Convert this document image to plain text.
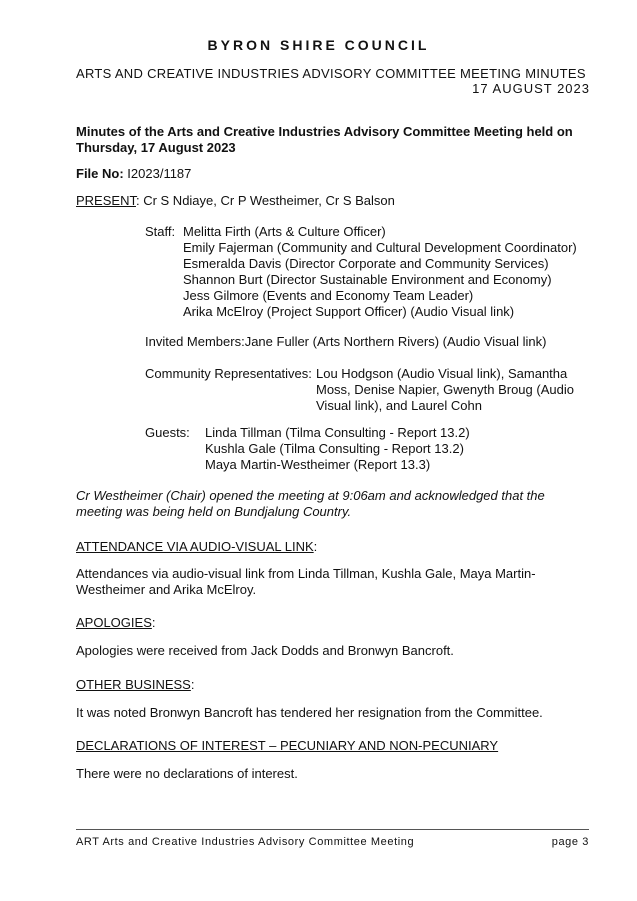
BYRON SHIRE COUNCIL
ARTS AND CREATIVE INDUSTRIES ADVISORY COMMITTEE MEETING MINUTES
17 AUGUST 2023
Minutes of the Arts and Creative Industries Advisory Committee Meeting held on
Thursday, 17 August 2023
File No: I2023/1187
PRESENT: Cr S Ndiaye, Cr P Westheimer, Cr S Balson
Staff: Melitta Firth (Arts & Culture Officer)
Emily Fajerman (Community and Cultural Development Coordinator)
Esmeralda Davis (Director Corporate and Community Services)
Shannon Burt (Director Sustainable Environment and Economy)
Jess Gilmore (Events and Economy Team Leader)
Arika McElroy (Project Support Officer) (Audio Visual link)
Invited Members:Jane Fuller (Arts Northern Rivers) (Audio Visual link)
Community Representatives: Lou Hodgson (Audio Visual link), Samantha
Moss, Denise Napier, Gwenyth Broug (Audio
Visual link), and Laurel Cohn
Guests: Linda Tillman (Tilma Consulting - Report 13.2)
Kushla Gale (Tilma Consulting - Report 13.2)
Maya Martin-Westheimer (Report 13.3)
Cr Westheimer (Chair) opened the meeting at 9:06am and acknowledged that the
meeting was being held on Bundjalung Country.
ATTENDANCE VIA AUDIO-VISUAL LINK:
Attendances via audio-visual link from Linda Tillman, Kushla Gale, Maya Martin-
Westheimer and Arika McElroy.
APOLOGIES:
Apologies were received from Jack Dodds and Bronwyn Bancroft.
OTHER BUSINESS:
It was noted Bronwyn Bancroft has tendered her resignation from the Committee.
DECLARATIONS OF INTEREST – PECUNIARY AND NON-PECUNIARY
There were no declarations of interest.
ART Arts and Creative Industries Advisory Committee Meeting	page 3
